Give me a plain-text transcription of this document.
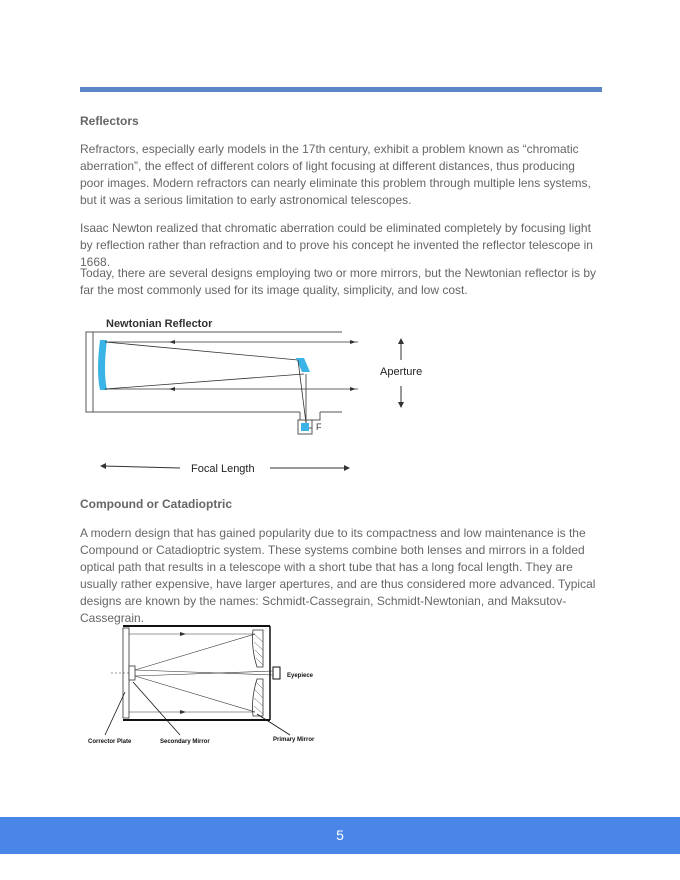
Reflectors

Refractors, especially early models in the 17th century, exhibit a problem known as “chromatic aberration”, the effect of different colors of light focusing at different distances, thus producing poor images. Modern refractors can nearly eliminate this problem through multiple lens systems, but it was a serious limitation to early astronomical telescopes.

Isaac Newton realized that chromatic aberration could be eliminated completely by focusing light by reflection rather than refraction and to prove his concept he invented the reflector telescope in 1668.

Today, there are several designs employing two or more mirrors, but the Newtonian reflector is by far the most commonly used for its image quality, simplicity, and low cost.

Newtonian Reflector
F
Aperture
Focal Length
Compound or Catadioptric

A modern design that has gained popularity due to its compactness and low maintenance is the Compound or Catadioptric system. These systems combine both lenses and mirrors in a folded optical path that results in a telescope with a short tube that has a long focal length. They are usually rather expensive, have larger apertures, and are thus considered more advanced. Typical designs are known by the names: Schmidt-Cassegrain, Schmidt-Newtonian, and Maksutov-Cassegrain.

Eyepiece
Corrector Plate	Secondary Mirror	Primary Mirror
5
